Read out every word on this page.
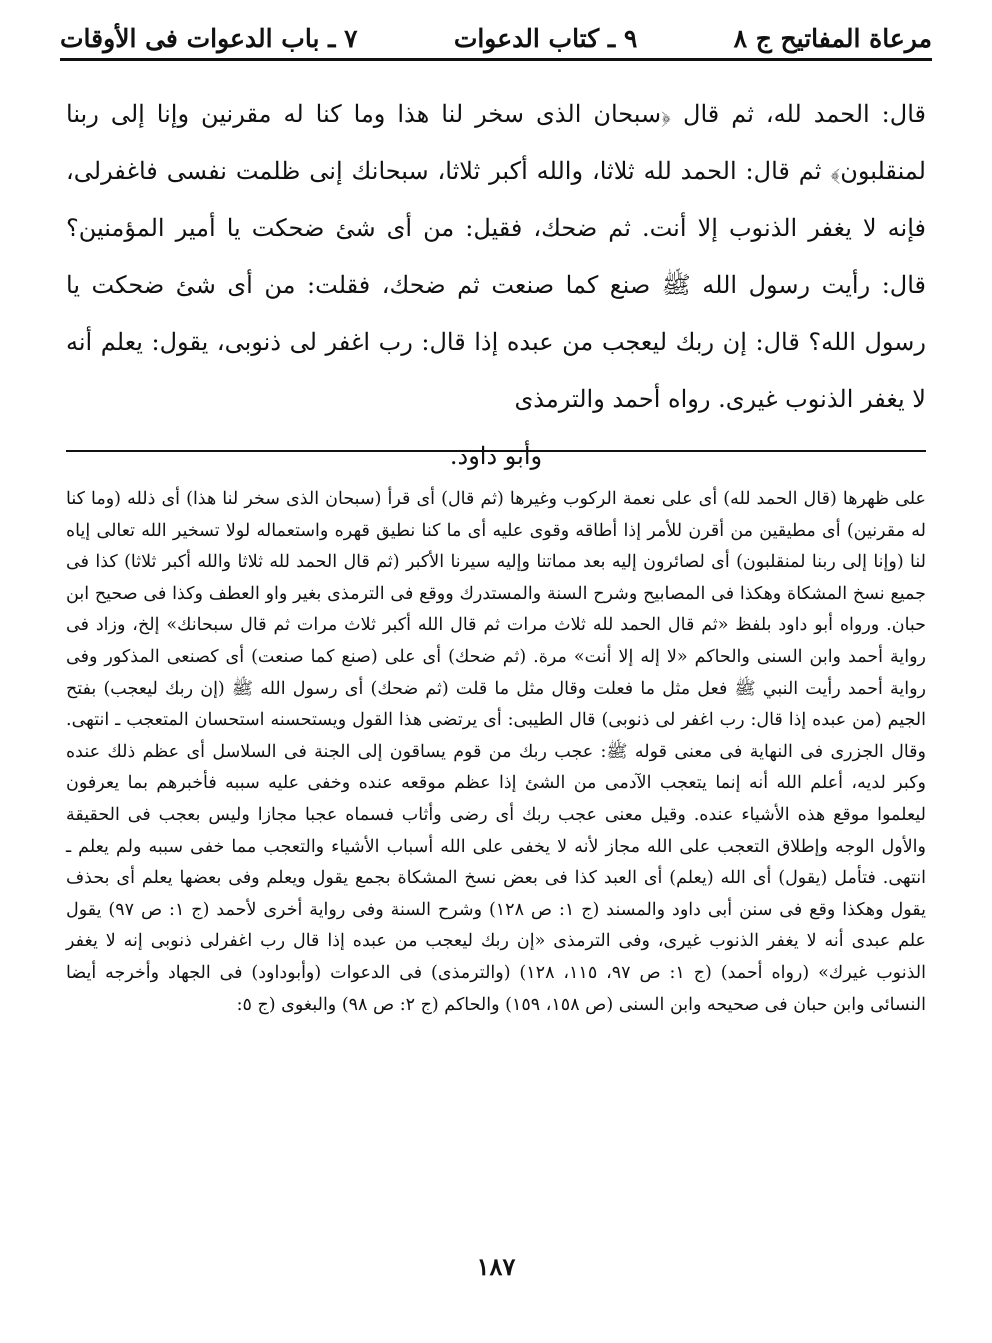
مرعاة المفاتيح ج ٨
٩ ـ كتاب الدعوات
٧ ـ باب الدعوات فى الأوقات

قال: الحمد لله، ثم قال ﴿سبحان الذى سخر لنا هذا وما كنا له مقرنين وإنا إلى ربنا لمنقلبون﴾ ثم قال: الحمد لله ثلاثا، والله أكبر ثلاثا، سبحانك إنى ظلمت نفسى فاغفرلى، فإنه لا يغفر الذنوب إلا أنت. ثم ضحك، فقيل: من أى شئ ضحكت يا أمير المؤمنين؟ قال: رأيت رسول الله ﷺ صنع كما صنعت ثم ضحك، فقلت: من أى شئ ضحكت يا رسول الله؟ قال: إن ربك ليعجب من عبده إذا قال: رب اغفر لى ذنوبى، يقول: يعلم أنه لا يغفر الذنوب غيرى. رواه أحمد والترمذى

وأبو داود.

على ظهرها (قال الحمد لله) أى على نعمة الركوب وغيرها (ثم قال) أى قرأ (سبحان الذى سخر لنا هذا) أى ذلله (وما كنا له مقرنين) أى مطيقين من أقرن للأمر إذا أطاقه وقوى عليه أى ما كنا نطيق قهره واستعماله لولا تسخير الله تعالى إياه لنا (وإنا إلى ربنا لمنقلبون) أى لصائرون إليه بعد مماتنا وإليه سيرنا الأكبر (ثم قال الحمد لله ثلاثا والله أكبر ثلاثا) كذا فى جميع نسخ المشكاة وهكذا فى المصابيح وشرح السنة والمستدرك ووقع فى الترمذى بغير واو العطف وكذا فى صحيح ابن حبان. ورواه أبو داود بلفظ «ثم قال الحمد لله ثلاث مرات ثم قال الله أكبر ثلاث مرات ثم قال سبحانك» إلخ، وزاد فى رواية أحمد وابن السنى والحاكم «لا إله إلا أنت» مرة. (ثم ضحك) أى على (صنع كما صنعت) أى كصنعى المذكور وفى رواية أحمد رأيت النبي ﷺ فعل مثل ما فعلت وقال مثل ما قلت (ثم ضحك) أى رسول الله ﷺ (إن ربك ليعجب) بفتح الجيم (من عبده إذا قال: رب اغفر لى ذنوبى) قال الطيبى: أى يرتضى هذا القول ويستحسنه استحسان المتعجب ـ انتهى. وقال الجزرى فى النهاية فى معنى قوله ﷺ: عجب ربك من قوم يساقون إلى الجنة فى السلاسل أى عظم ذلك عنده وكبر لديه، أعلم الله أنه إنما يتعجب الآدمى من الشئ إذا عظم موقعه عنده وخفى عليه سببه فأخبرهم بما يعرفون ليعلموا موقع هذه الأشياء عنده. وقيل معنى عجب ربك أى رضى وأثاب فسماه عجبا مجازا وليس بعجب فى الحقيقة والأول الوجه وإطلاق التعجب على الله مجاز لأنه لا يخفى على الله أسباب الأشياء والتعجب مما خفى سببه ولم يعلم ـ انتهى. فتأمل (يقول) أى الله (يعلم) أى العبد كذا فى بعض نسخ المشكاة بجمع يقول ويعلم وفى بعضها يعلم أى بحذف يقول وهكذا وقع فى سنن أبى داود والمسند (ج ١: ص ١٢٨) وشرح السنة وفى رواية أخرى لأحمد (ج ١: ص ٩٧) يقول علم عبدى أنه لا يغفر الذنوب غيرى، وفى الترمذى «إن ربك ليعجب من عبده إذا قال رب اغفرلى ذنوبى إنه لا يغفر الذنوب غيرك» (رواه أحمد) (ج ١: ص ٩٧، ١١٥، ١٢٨) (والترمذى) فى الدعوات (وأبوداود) فى الجهاد وأخرجه أيضا النسائى وابن حبان فى صحيحه وابن السنى (ص ١٥٨، ١٥٩) والحاكم (ج ٢: ص ٩٨) والبغوى (ج ٥:

١٨٧
